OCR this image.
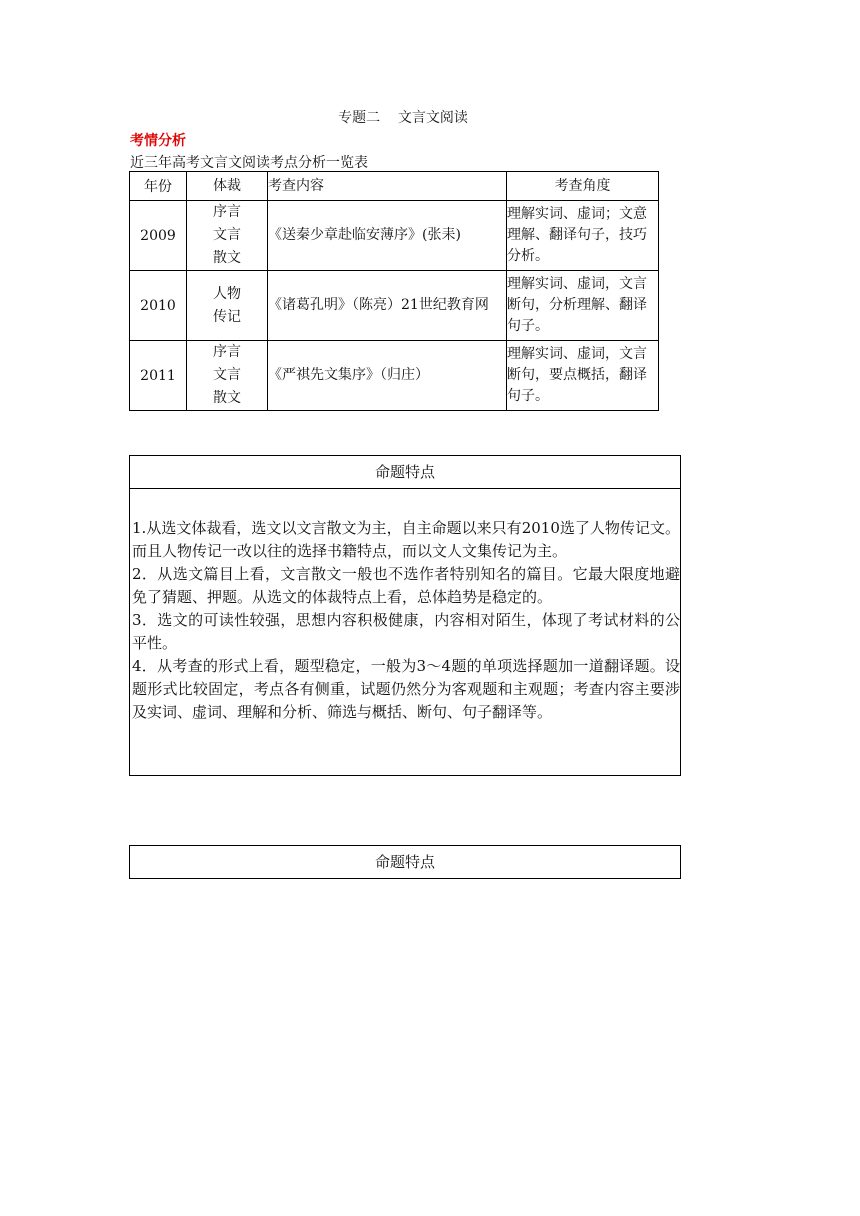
专题二    文言文阅读
考情分析
近三年高考文言文阅读考点分析一览表
年份	体裁	考查内容	考查角度
2009	序言
文言
散文	《送秦少章赴临安薄序》(张耒)	理解实词、虚词；文意理解、翻译句子，技巧分析。
2010	人物
传记	《诸葛孔明》（陈亮）21世纪教育网	理解实词、虚词，文言断句，分析理解、翻译句子。
2011	序言
文言
散文	《严祺先文集序》（归庄）	理解实词、虚词，文言断句，要点概括，翻译句子。
命题特点

1.从选文体裁看，选文以文言散文为主，自主命题以来只有2010选了人物传记文。而且人物传记一改以往的选择书籍特点，而以文人文集传记为主。

2．从选文篇目上看，文言散文一般也不选作者特别知名的篇目。它最大限度地避免了猜题、押题。从选文的体裁特点上看，总体趋势是稳定的。

3．选文的可读性较强，思想内容积极健康，内容相对陌生，体现了考试材料的公平性。

4．从考查的形式上看，题型稳定，一般为3～4题的单项选择题加一道翻译题。设题形式比较固定，考点各有侧重，试题仍然分为客观题和主观题；考查内容主要涉及实词、虚词、理解和分析、筛选与概括、断句、句子翻译等。

命题特点
